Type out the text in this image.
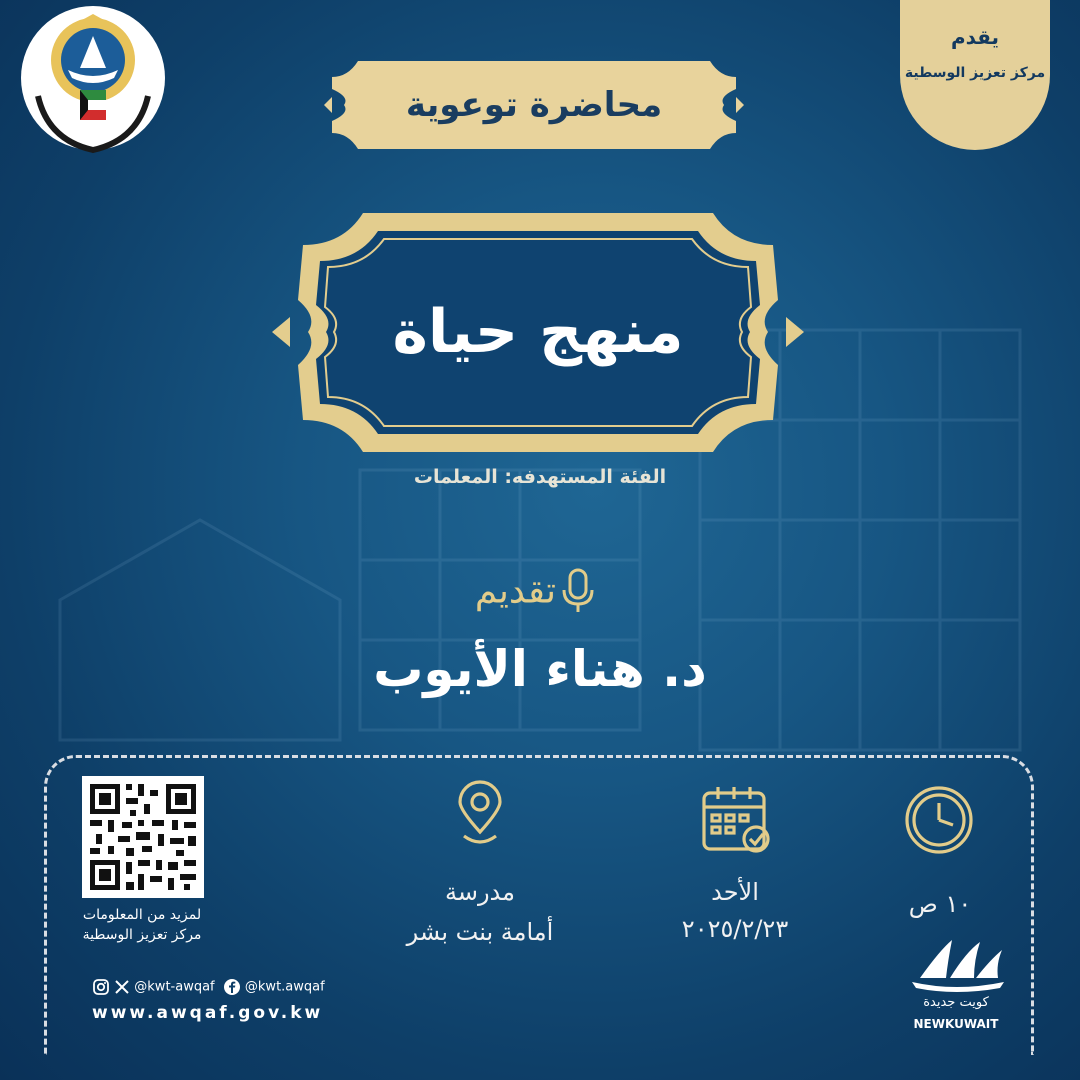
يقدم
مركز تعزيز الوسطية
محاضرة توعوية
منهج حياة
الفئة المستهدفه: المعلمات
تقديم
د. هناء الأيوب
١٠ ص
الأحد
٢٠٢٥/٢/٢٣
مدرسة
أمامة بنت بشر
لمزيد من المعلومات
مركز تعزيز الوسطية
@kwt-awqaf @kwt.awqaf
www.awqaf.gov.kw
كويت جديدة
NEWKUWAIT
